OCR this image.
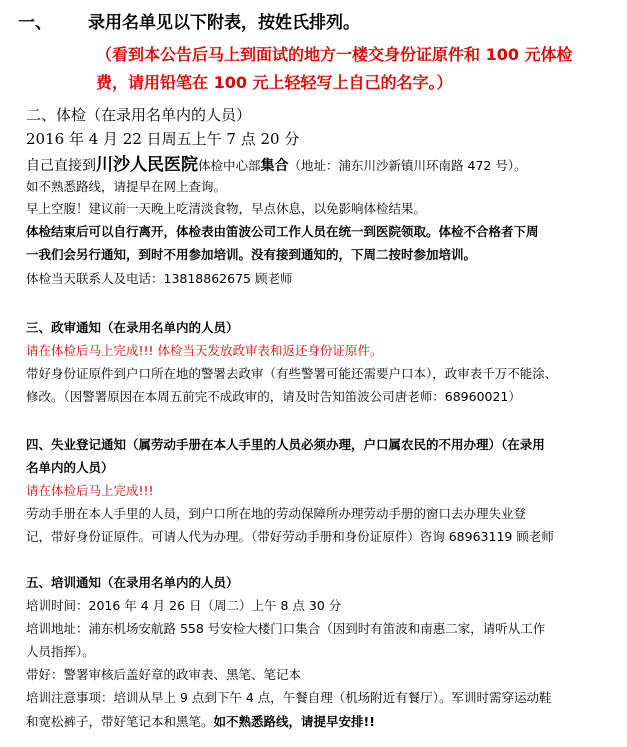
一、 录用名单见以下附表，按姓氏排列。
（看到本公告后马上到面试的地方一楼交身份证原件和 100 元体检
费，请用铅笔在 100 元上轻轻写上自己的名字。）
二、体检（在录用名单内的人员）
2016 年 4 月 22 日周五上午 7 点 20 分
自己直接到川沙人民医院体检中心部集合（地址：浦东川沙新镇川环南路 472 号）。
如不熟悉路线，请提早在网上查询。
早上空腹！建议前一天晚上吃清淡食物，早点休息，以免影响体检结果。
体检结束后可以自行离开，体检表由笛波公司工作人员在统一到医院领取。体检不合格者下周
一我们会另行通知，到时不用参加培训。没有接到通知的，下周二按时参加培训。
体检当天联系人及电话：13818862675 顾老师
三、政审通知（在录用名单内的人员）
请在体检后马上完成!!! 体检当天发放政审表和返还身份证原件。
带好身份证原件到户口所在地的警署去政审（有些警署可能还需要户口本），政审表千万不能涂、
修改。（因警署原因在本周五前完不成政审的，请及时告知笛波公司唐老师：68960021）
四、失业登记通知（属劳动手册在本人手里的人员必须办理，户口属农民的不用办理）（在录用
名单内的人员）
请在体检后马上完成!!!
劳动手册在本人手里的人员，到户口所在地的劳动保障所办理劳动手册的窗口去办理失业登
记，带好身份证原件。可请人代为办理。（带好劳动手册和身份证原件）咨询 68963119 顾老师
五、培训通知（在录用名单内的人员）
培训时间：2016 年 4 月 26 日（周二）上午 8 点 30 分
培训地址：浦东机场安航路 558 号安检大楼门口集合（因到时有笛波和南惠二家，请听从工作
人员指挥）。
带好：警署审核后盖好章的政审表、黑笔、笔记本
培训注意事项：培训从早上 9 点到下午 4 点，午餐自理（机场附近有餐厅）。军训时需穿运动鞋
和宽松裤子，带好笔记本和黑笔。如不熟悉路线，请提早安排!!
